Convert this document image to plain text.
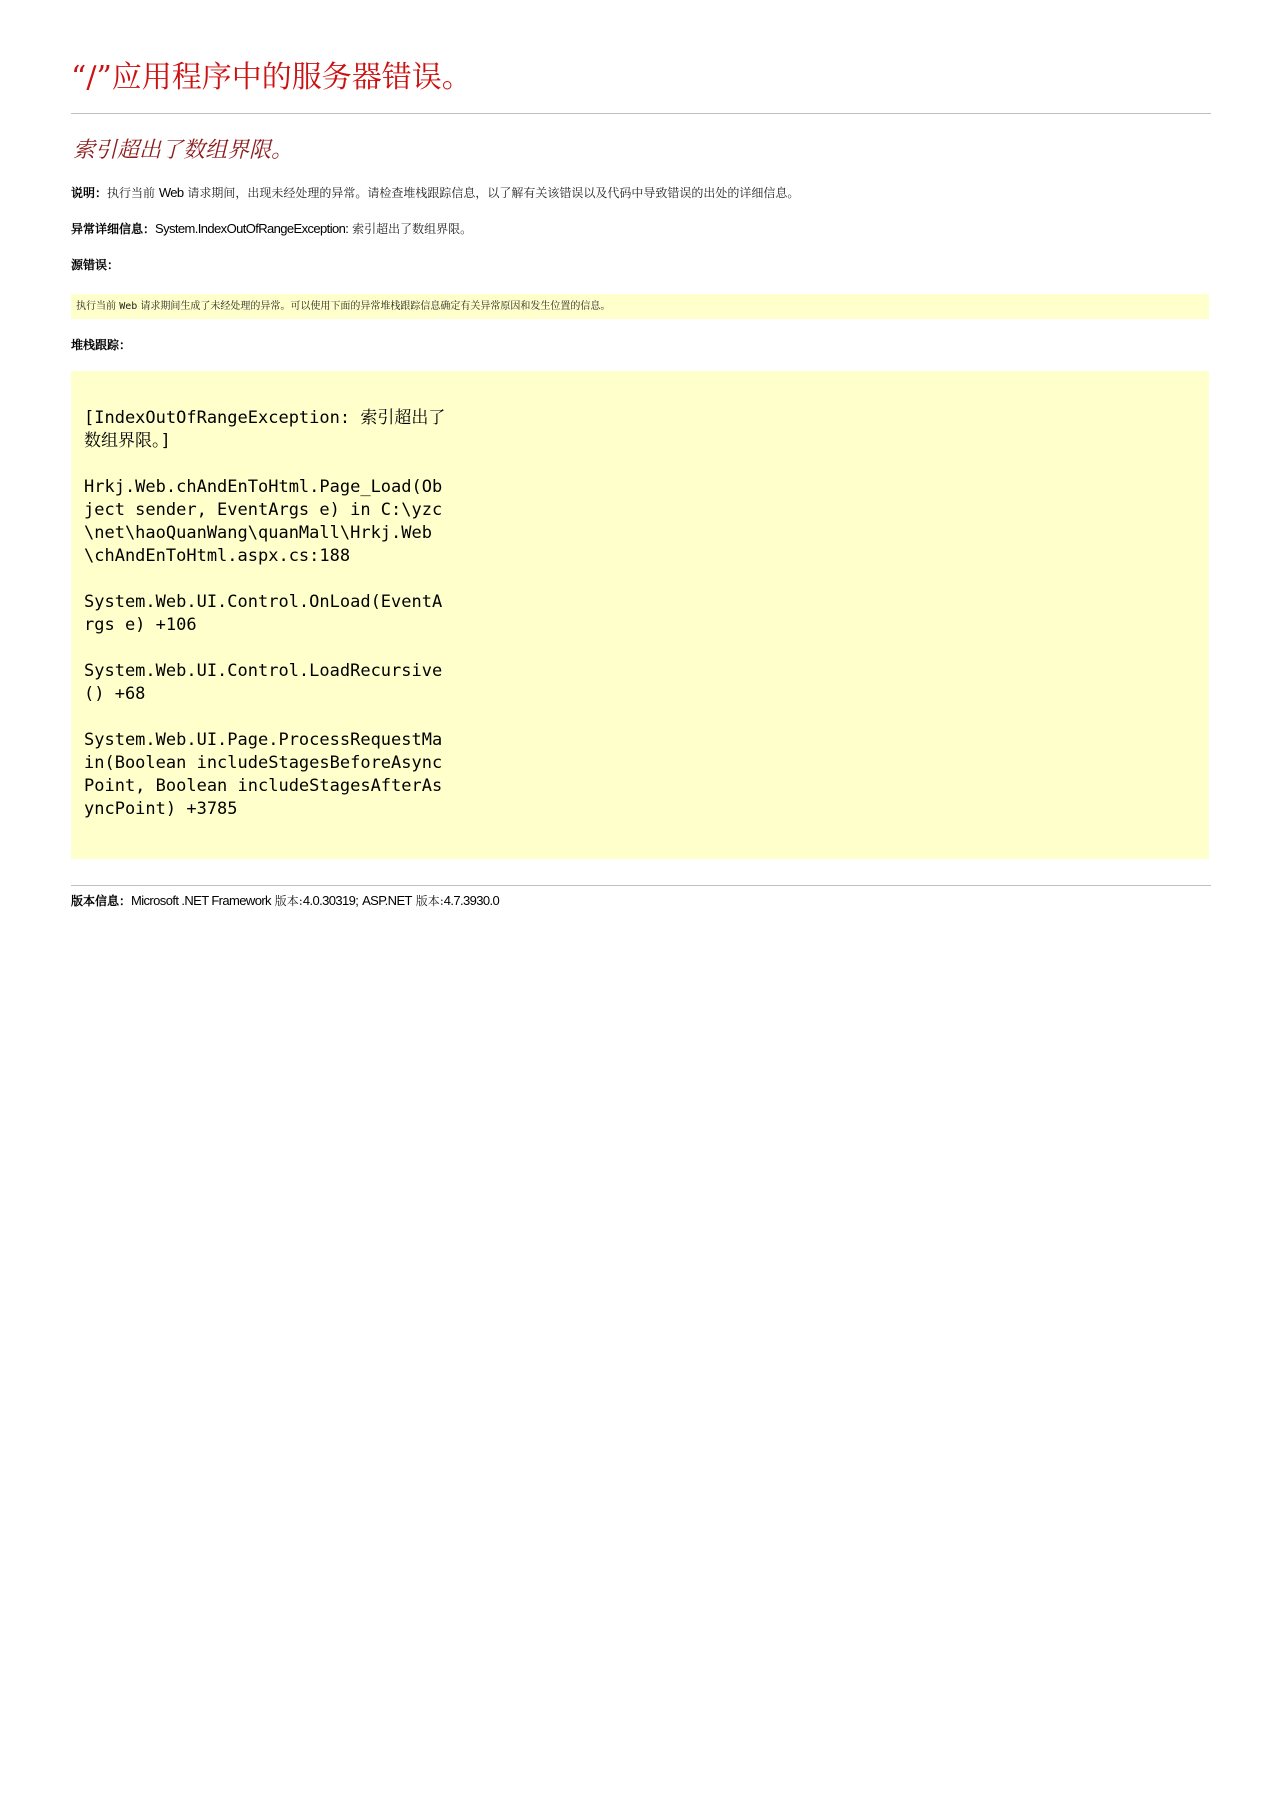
“/”应用程序中的服务器错误。
索引超出了数组界限。
说明：执行当前 Web 请求期间，出现未经处理的异常。请检查堆栈跟踪信息，以了解有关该错误以及代码中导致错误的出处的详细信息。
异常详细信息：System.IndexOutOfRangeException: 索引超出了数组界限。
源错误：
执行当前 Web 请求期间生成了未经处理的异常。可以使用下面的异常堆栈跟踪信息确定有关异常原因和发生位置的信息。
堆栈跟踪：
[IndexOutOfRangeException: 索引超出了数组界限。]
Hrkj.Web.chAndEnToHtml.Page_Load(Object sender, EventArgs e) in C:\yzc\net\haoQuanWang\quanMall\Hrkj.Web\chAndEnToHtml.aspx.cs:188
System.Web.UI.Control.OnLoad(EventArgs e) +106
System.Web.UI.Control.LoadRecursive() +68
System.Web.UI.Page.ProcessRequestMain(Boolean includeStagesBeforeAsyncPoint, Boolean includeStagesAfterAsyncPoint) +3785
版本信息：Microsoft .NET Framework 版本:4.0.30319; ASP.NET 版本:4.7.3930.0
